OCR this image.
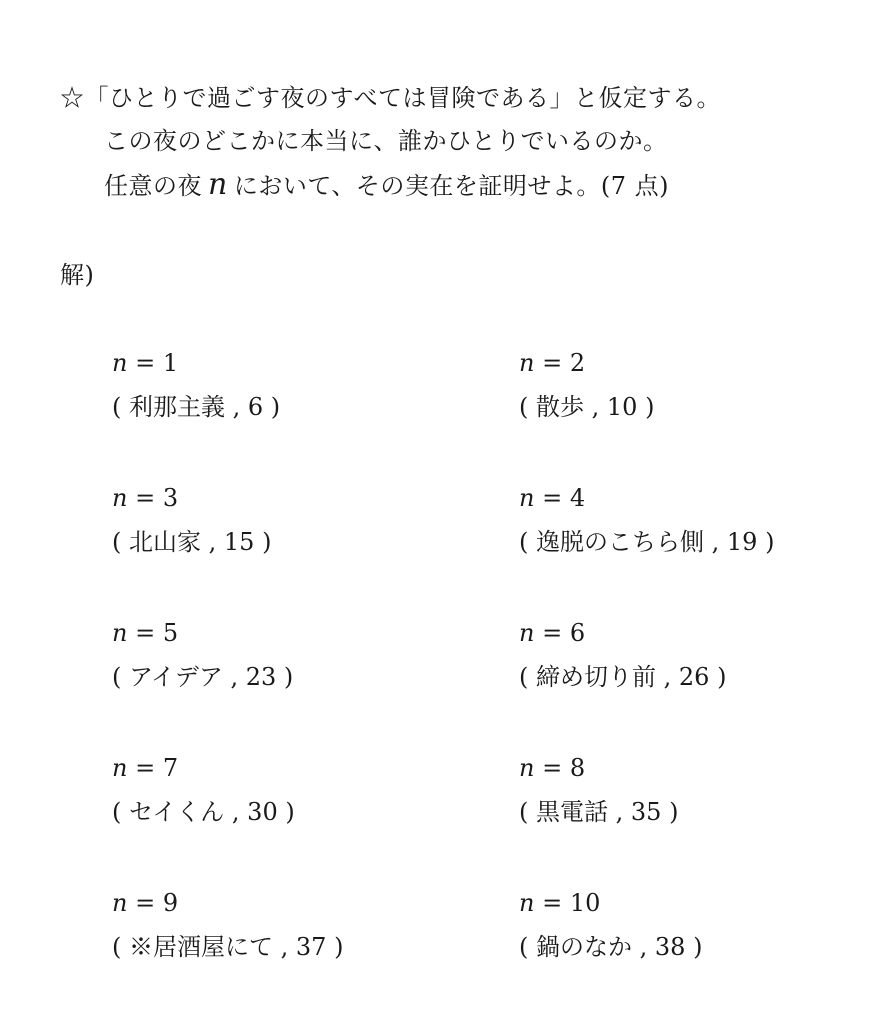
☆「ひとりで過ごす夜のすべては冒険である」と仮定する。
この夜のどこかに本当に、誰かひとりでいるのか。
任意の夜 n において、その実在を証明せよ。(7 点)
解)
n = 1
( 利那主義 , 6 )
n = 2
( 散歩 , 10 )
n = 3
( 北山家 , 15 )
n = 4
( 逸脱のこちら側 , 19 )
n = 5
( アイデア , 23 )
n = 6
( 締め切り前 , 26 )
n = 7
( セイくん , 30 )
n = 8
( 黒電話 , 35 )
n = 9
( ※居酒屋にて , 37 )
n = 10
( 鍋のなか , 38 )
